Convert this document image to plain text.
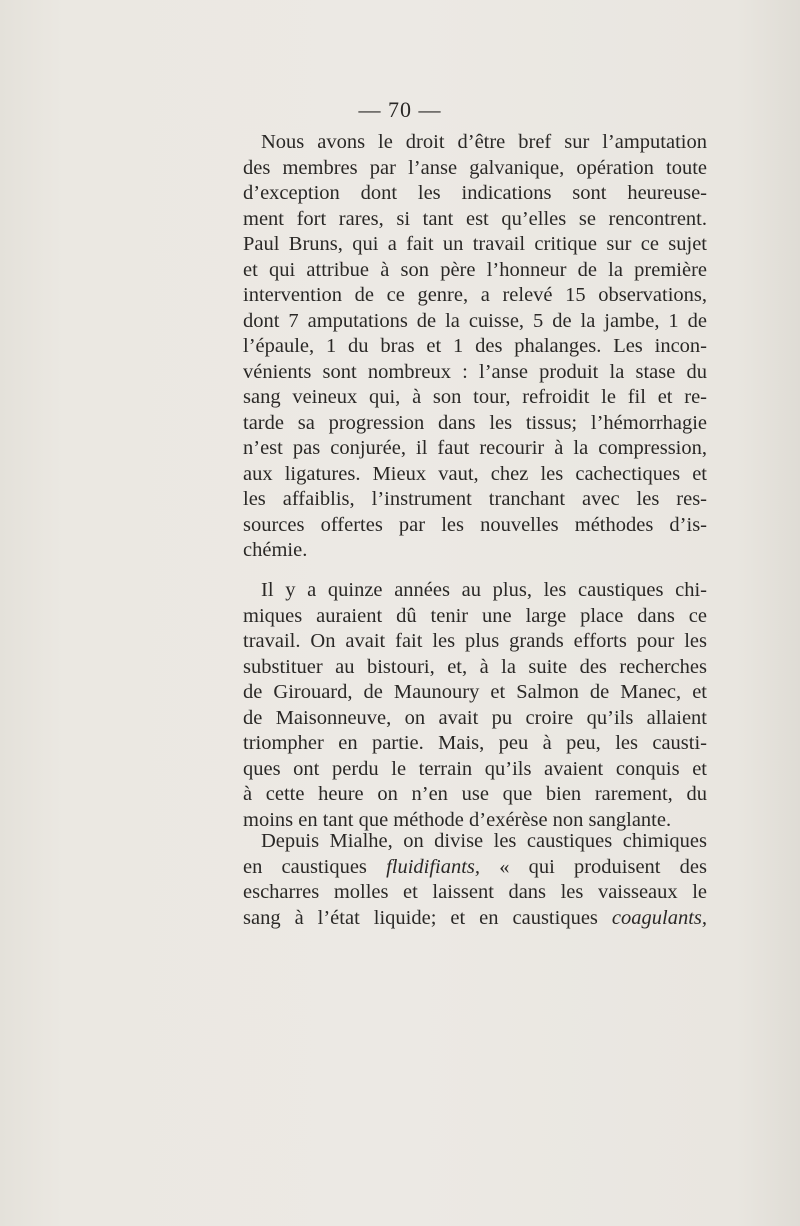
— 70 —
Nous avons le droit d’être bref sur l’amputation
des membres par l’anse galvanique, opération toute
d’exception dont les indications sont heureuse-
ment fort rares, si tant est qu’elles se rencontrent.
Paul Bruns, qui a fait un travail critique sur ce sujet
et qui attribue à son père l’honneur de la première
intervention de ce genre, a relevé 15 observations,
dont 7 amputations de la cuisse, 5 de la jambe, 1 de
l’épaule, 1 du bras et 1 des phalanges. Les incon-
vénients sont nombreux : l’anse produit la stase du
sang veineux qui, à son tour, refroidit le fil et re-
tarde sa progression dans les tissus; l’hémorrhagie
n’est pas conjurée, il faut recourir à la compression,
aux ligatures. Mieux vaut, chez les cachectiques et
les affaiblis, l’instrument tranchant avec les res-
sources offertes par les nouvelles méthodes d’is-
chémie.
Il y a quinze années au plus, les caustiques chi-
miques auraient dû tenir une large place dans ce
travail. On avait fait les plus grands efforts pour les
substituer au bistouri, et, à la suite des recherches
de Girouard, de Maunoury et Salmon de Manec, et
de Maisonneuve, on avait pu croire qu’ils allaient
triompher en partie. Mais, peu à peu, les causti-
ques ont perdu le terrain qu’ils avaient conquis et
à cette heure on n’en use que bien rarement, du
moins en tant que méthode d’exérèse non sanglante.
Depuis Mialhe, on divise les caustiques chimiques
en caustiques fluidifiants, « qui produisent des
escharres molles et laissent dans les vaisseaux le
sang à l’état liquide; et en caustiques coagulants,
